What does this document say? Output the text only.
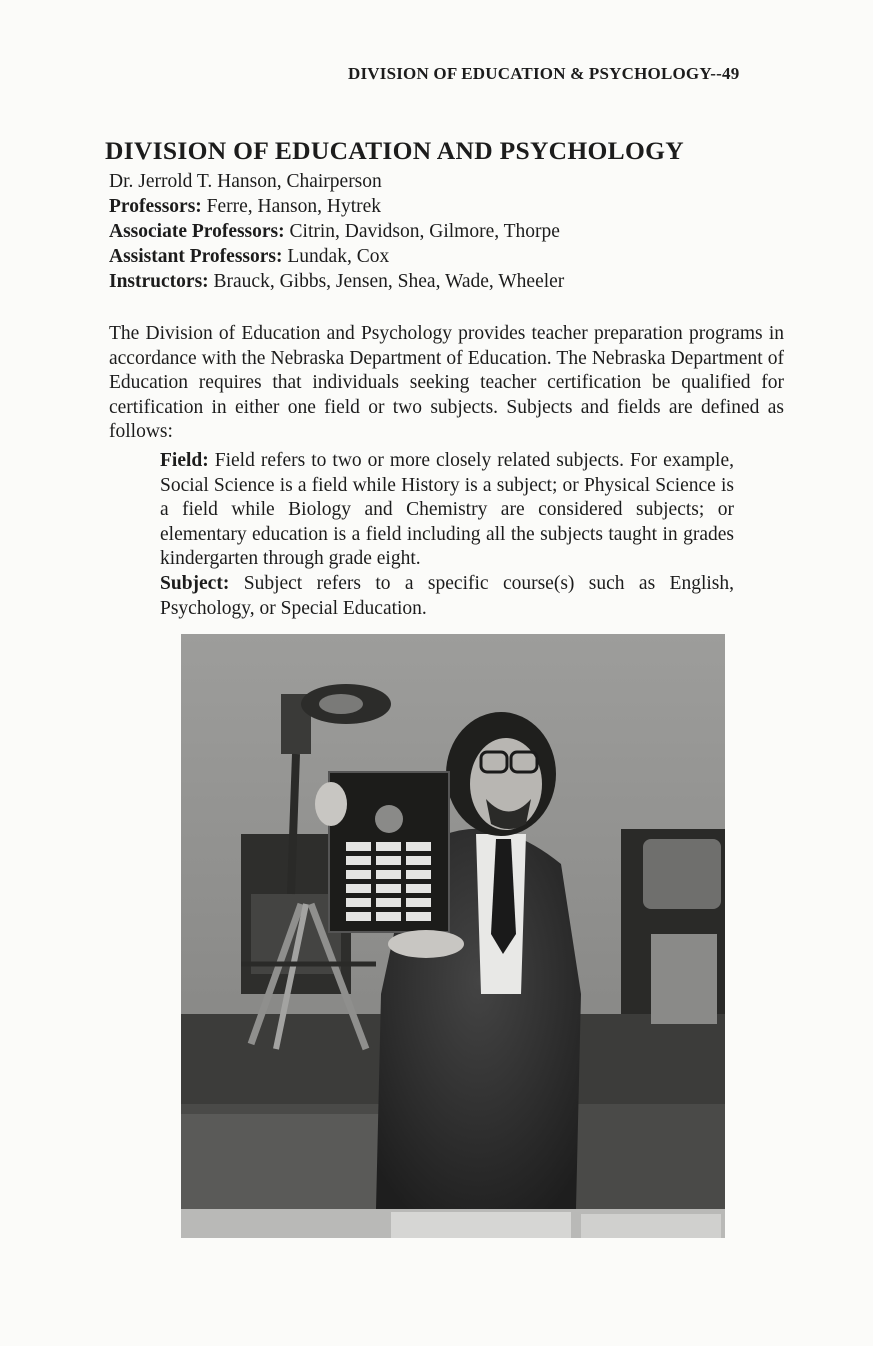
DIVISION OF EDUCATION & PSYCHOLOGY--49
DIVISION OF EDUCATION AND PSYCHOLOGY
Dr. Jerrold T. Hanson, Chairperson
Professors: Ferre, Hanson, Hytrek
Associate Professors: Citrin, Davidson, Gilmore, Thorpe
Assistant Professors: Lundak, Cox
Instructors: Brauck, Gibbs, Jensen, Shea, Wade, Wheeler
The Division of Education and Psychology provides teacher preparation programs in accordance with the Nebraska Department of Education. The Nebraska Department of Education requires that individuals seeking teacher certification be qualified for certification in either one field or two subjects. Subjects and fields are defined as follows:
Field: Field refers to two or more closely related subjects. For example, Social Science is a field while History is a subject; or Physical Science is a field while Biology and Chemistry are considered subjects; or elementary education is a field including all the subjects taught in grades kindergarten through grade eight.
Subject: Subject refers to a specific course(s) such as English, Psychology, or Special Education.
